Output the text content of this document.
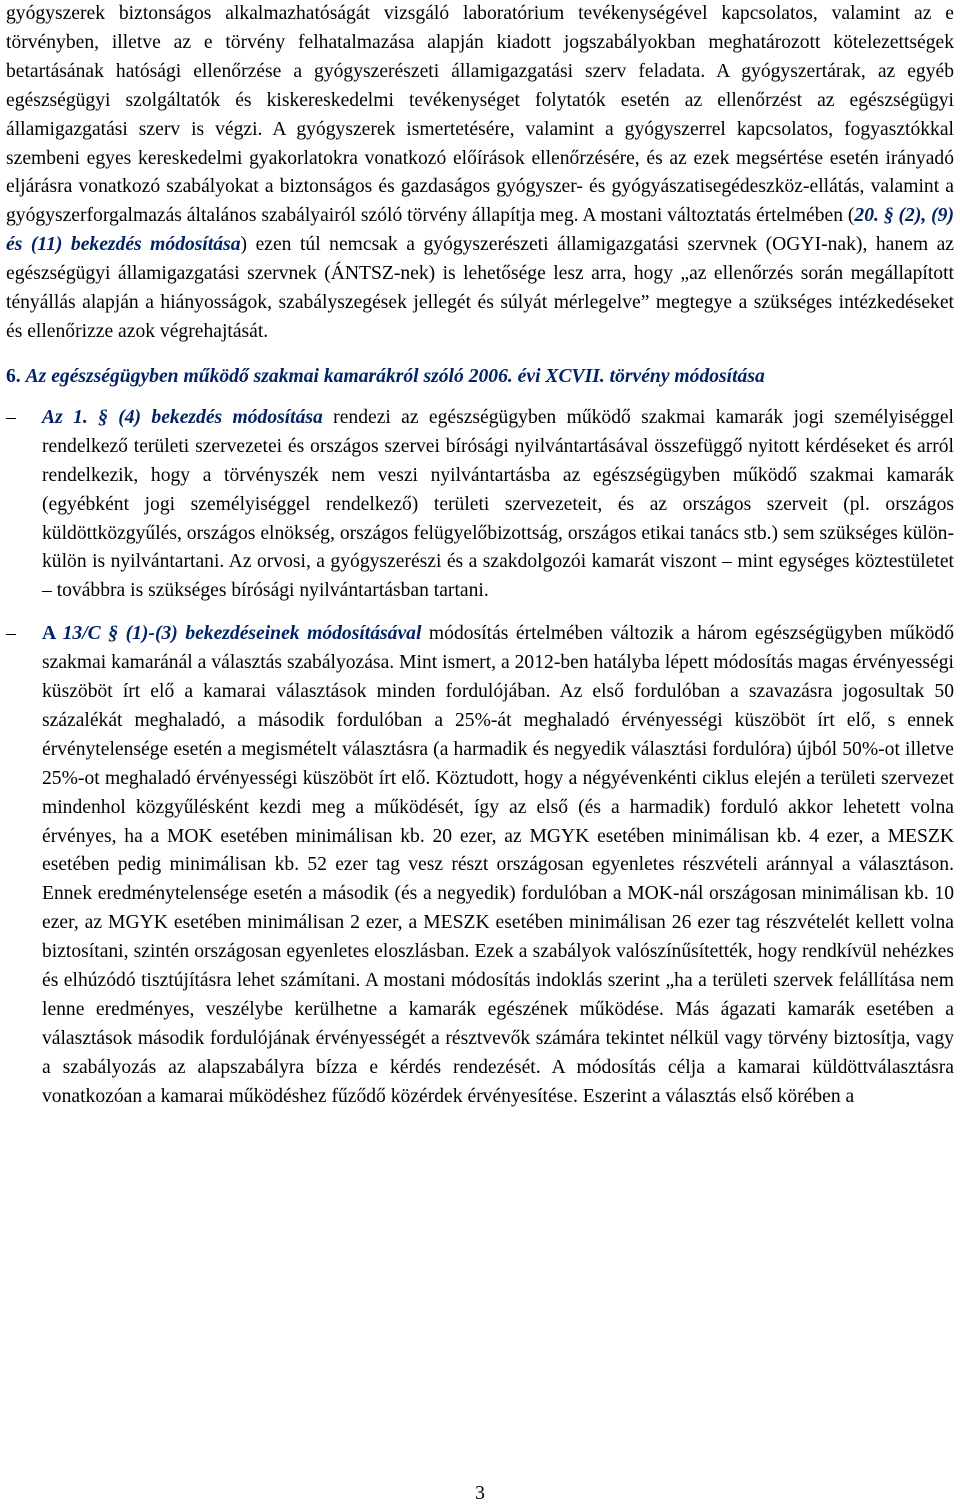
gyógyszerek biztonságos alkalmazhatóságát vizsgáló laboratórium tevékenységével kapcsolatos, valamint az e törvényben, illetve az e törvény felhatalmazása alapján kiadott jogszabályokban meghatározott kötelezettségek betartásának hatósági ellenőrzése a gyógyszerészeti államigazgatási szerv feladata. A gyógyszertárak, az egyéb egészségügyi szolgáltatók és kiskereskedelmi tevékenységet folytatók esetén az ellenőrzést az egészségügyi államigazgatási szerv is végzi. A gyógyszerek ismertetésére, valamint a gyógyszerrel kapcsolatos, fogyasztókkal szembeni egyes kereskedelmi gyakorlatokra vonatkozó előírások ellenőrzésére, és az ezek megsértése esetén irányadó eljárásra vonatkozó szabályokat a biztonságos és gazdaságos gyógyszer- és gyógyászatisegédeszköz-ellátás, valamint a gyógyszerforgalmazás általános szabályairól szóló törvény állapítja meg. A mostani változtatás értelmében (20. § (2), (9) és (11) bekezdés módosítása) ezen túl nemcsak a gyógyszerészeti államigazgatási szervnek (OGYI-nak), hanem az egészségügyi államigazgatási szervnek (ÁNTSZ-nek) is lehetősége lesz arra, hogy „az ellenőrzés során megállapított tényállás alapján a hiányosságok, szabályszegések jellegét és súlyát mérlegelve” megtegye a szükséges intézkedéseket és ellenőrizze azok végrehajtását.

6. Az egészségügyben működő szakmai kamarákról szóló 2006. évi XCVII. törvény módosítása
–	Az 1. § (4) bekezdés módosítása rendezi az egészségügyben működő szakmai kamarák jogi személyiséggel rendelkező területi szervezetei és országos szervei bírósági nyilvántartásával összefüggő nyitott kérdéseket és arról rendelkezik, hogy a törvényszék nem veszi nyilvántartásba az egészségügyben működő szakmai kamarák (egyébként jogi személyiséggel rendelkező) területi szervezeteit, és az országos szerveit (pl. országos küldöttközgyűlés, országos elnökség, országos felügyelőbizottság, országos etikai tanács stb.) sem szükséges külön-külön is nyilvántartani. Az orvosi, a gyógyszerészi és a szakdolgozói kamarát viszont – mint egységes köztestületet – továbbra is szükséges bírósági nyilvántartásban tartani.

–	A 13/C § (1)-(3) bekezdéseinek módosításával módosítás értelmében változik a három egészségügyben működő szakmai kamaránál a választás szabályozása. Mint ismert, a 2012-ben hatályba lépett módosítás magas érvényességi küszöböt írt elő a kamarai választások minden fordulójában. Az első fordulóban a szavazásra jogosultak 50 százalékát meghaladó, a második fordulóban a 25%-át meghaladó érvényességi küszöböt írt elő, s ennek érvénytelensége esetén a megismételt választásra (a harmadik és negyedik választási fordulóra) újból 50%-ot illetve 25%-ot meghaladó érvényességi küszöböt írt elő. Köztudott, hogy a négyévenkénti ciklus elején a területi szervezet mindenhol közgyűlésként kezdi meg a működését, így az első (és a harmadik) forduló akkor lehetett volna érvényes, ha a MOK esetében minimálisan kb. 20 ezer, az MGYK esetében minimálisan kb. 4 ezer, a MESZK esetében pedig minimálisan kb. 52 ezer tag vesz részt országosan egyenletes részvételi aránnyal a választáson. Ennek eredménytelensége esetén a második (és a negyedik) fordulóban a MOK-nál országosan minimálisan kb. 10 ezer, az MGYK esetében minimálisan 2 ezer, a MESZK esetében minimálisan 26 ezer tag részvételét kellett volna biztosítani, szintén országosan egyenletes eloszlásban. Ezek a szabályok valószínűsítették, hogy rendkívül nehézkes és elhúzódó tisztújításra lehet számítani. A mostani módosítás indoklás szerint „ha a területi szervek felállítása nem lenne eredményes, veszélybe kerülhetne a kamarák egészének működése. Más ágazati kamarák esetében a választások második fordulójának érvényességét a résztvevők számára tekintet nélkül vagy törvény biztosítja, vagy a szabályozás az alapszabályra bízza e kérdés rendezését. A módosítás célja a kamarai küldöttválasztásra vonatkozóan a kamarai működéshez fűződő közérdek érvényesítése. Eszerint a választás első körében a

3
